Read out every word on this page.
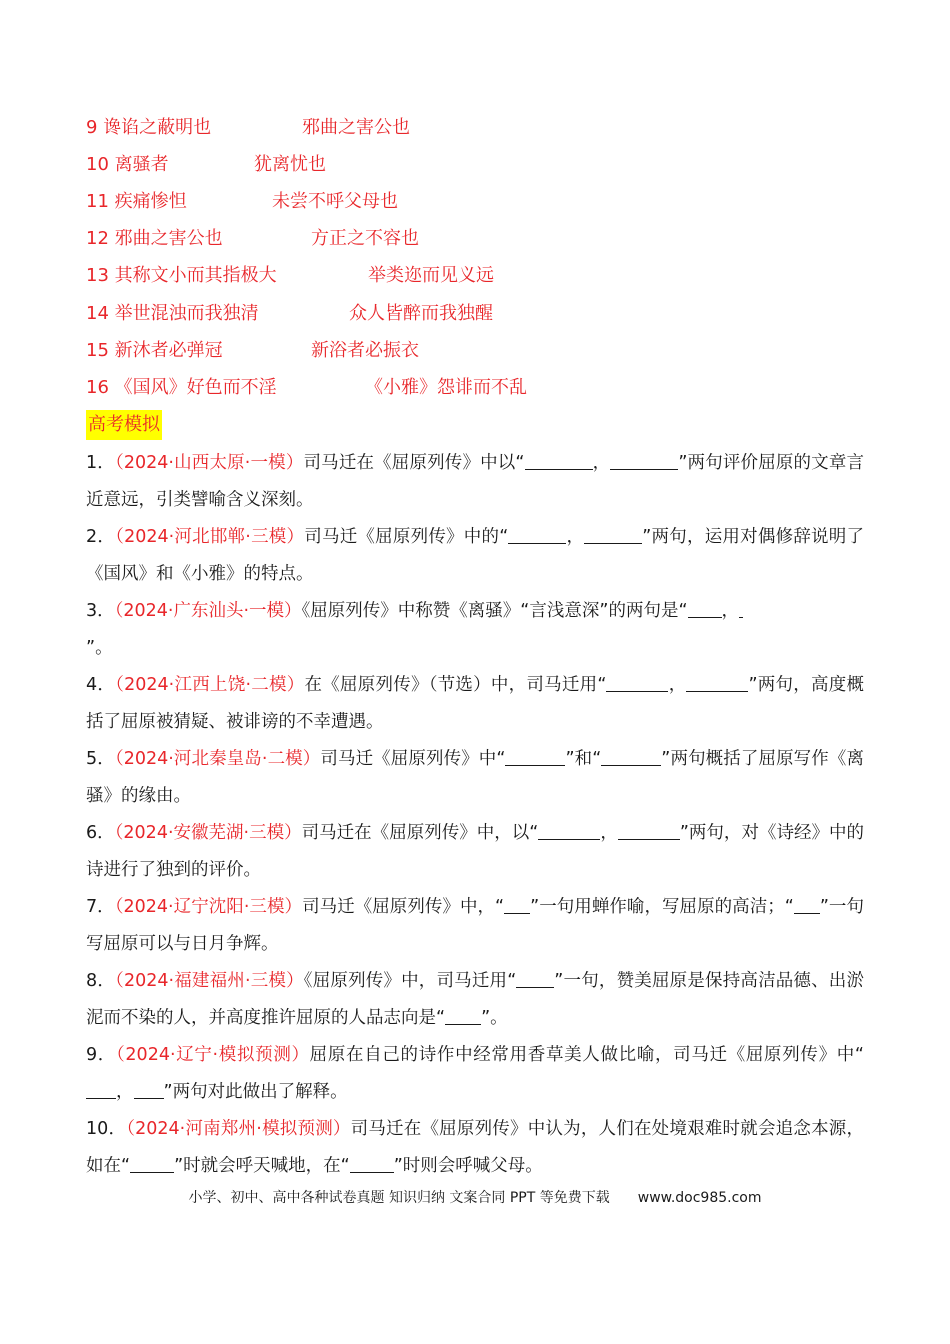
9 谗谄之蔽明也	邪曲之害公也
10 离骚者	犹离忧也
11 疾痛惨怛	未尝不呼父母也
12 邪曲之害公也	方正之不容也
13 其称文小而其指极大	举类迩而见义远
14 举世混浊而我独清	众人皆醉而我独醒
15 新沐者必弹冠	新浴者必振衣
16 《国风》好色而不淫	《小雅》怨诽而不乱
高考模拟
1．（2024·山西太原·一模）司马迁在《屈原列传》中以“	，	”两句评价屈原的文章言近意远，引类譬喻含义深刻。
2．（2024·河北邯郸·三模）司马迁《屈原列传》中的“	，	”两句，运用对偶修辞说明了《国风》和《小雅》的特点。
3．（2024·广东汕头·一模）《屈原列传》中称赞《离骚》“言浅意深”的两句是“ ，
”。
4．（2024·江西上饶·二模）在《屈原列传》（节选）中，司马迁用“	，	”两句，高度概括了屈原被猜疑、被诽谤的不幸遭遇。
5．（2024·河北秦皇岛·二模）司马迁《屈原列传》中“	”和“	”两句概括了屈原写作《离骚》的缘由。
6．（2024·安徽芜湖·三模）司马迁在《屈原列传》中，以“	，	”两句，对《诗经》中的诗进行了独到的评价。
7．（2024·辽宁沈阳·三模）司马迁《屈原列传》中，“ ”一句用蝉作喻，写屈原的高洁；“ ”一句写屈原可以与日月争辉。
8．（2024·福建福州·三模）《屈原列传》中，司马迁用“ ”一句，赞美屈原是保持高洁品德、出淤泥而不染的人，并高度推许屈原的人品志向是“ ”。
9．（2024·辽宁·模拟预测）屈原在自己的诗作中经常用香草美人做比喻，司马迁《屈原列传》中“， ”两句对此做出了解释。
10．（2024·河南郑州·模拟预测）司马迁在《屈原列传》中认为，人们在处境艰难时就会追念本源，如在“	”时就会呼天喊地，在“	”时则会呼喊父母。
小学、初中、高中各种试卷真题 知识归纳 文案合同 PPT 等免费下载 www.doc985.com
